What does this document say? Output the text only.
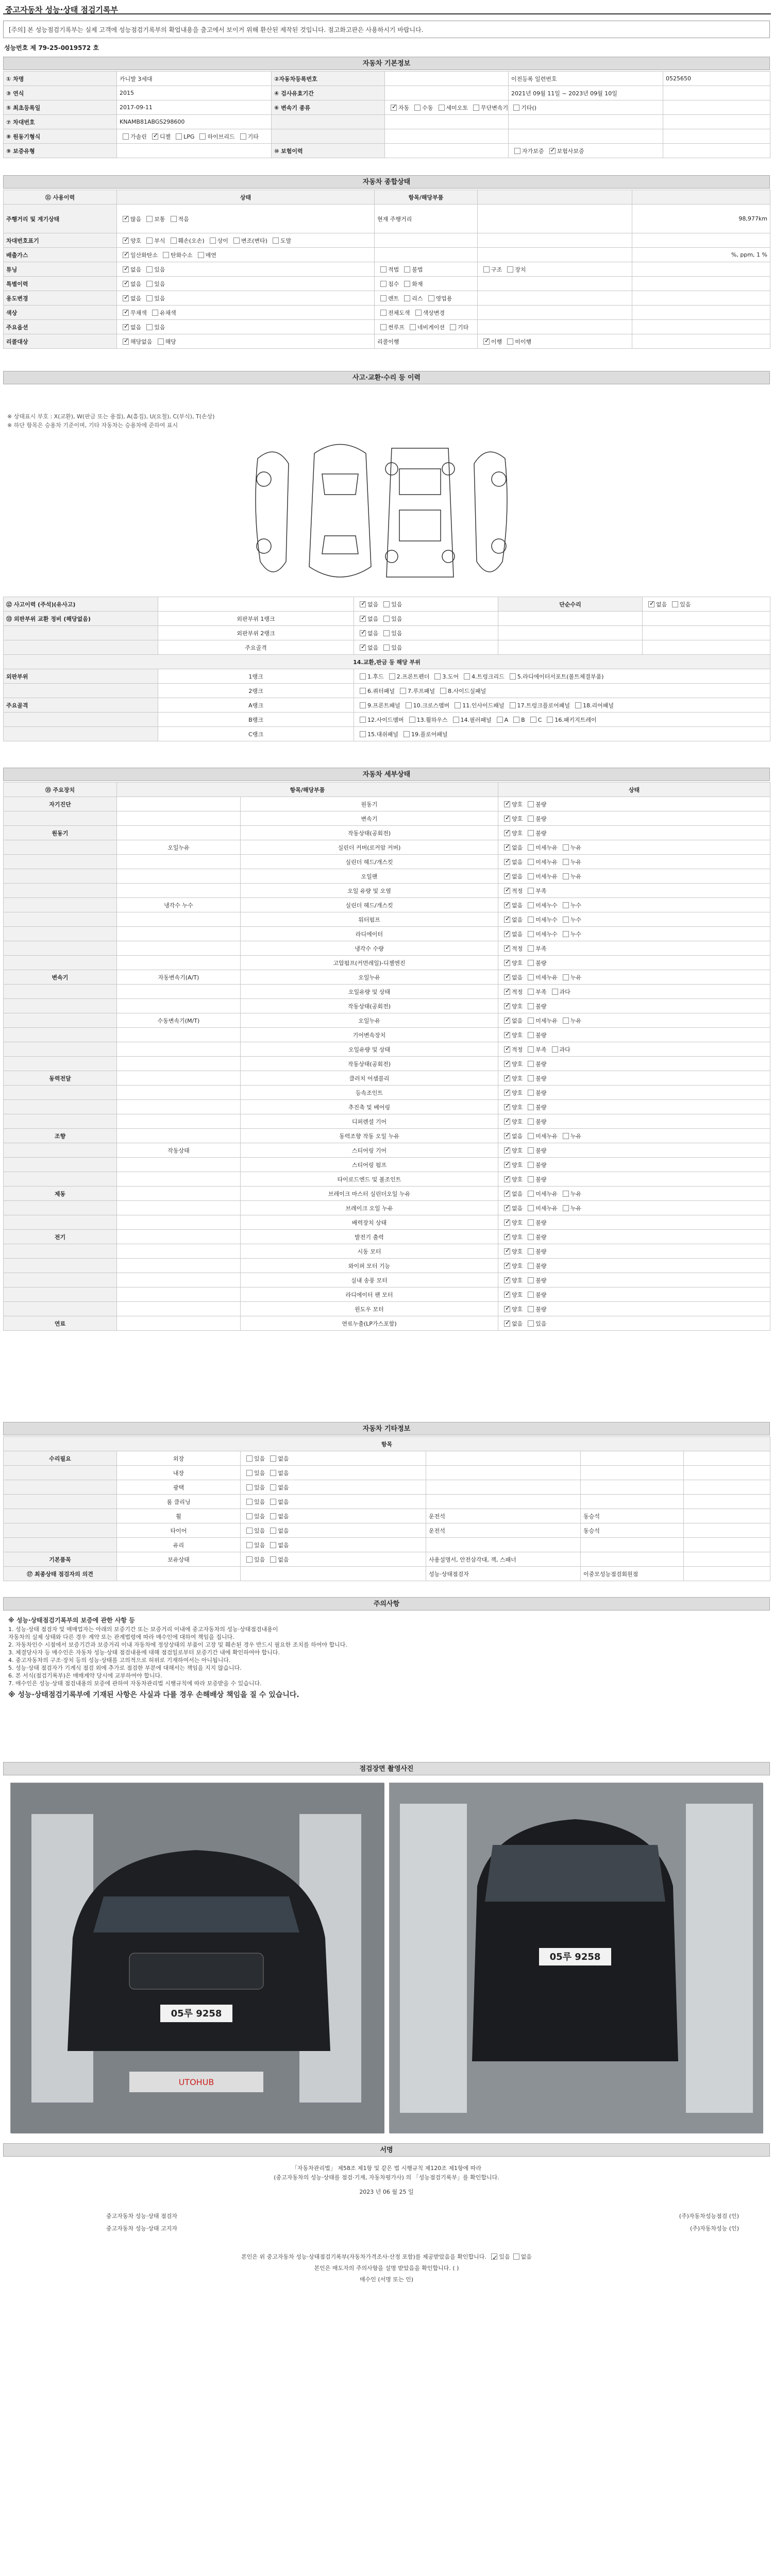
중고자동차 성능·상태 점검기록부
[주의] 본 성능점검기록부는 실제 고객에 성능점검기록부의 확업내용을 출고에서 보이거 위해 환산된 제작된 것입니다. 점고화고판은 사용하시기 바랍니다.
성능번호 제 79-25-0019572 호
자동차 기본정보
① 차명	카니발 3세대	②자동차등록번호		이전등록 일련번호	0525650
③ 연식	2015	④ 검사유효기간		2021년 09월 11일 ~ 2023년 09월 10일	
⑤ 최초등록일	2017-09-11	⑥ 변속기 종류	✓자동 수동 세미오토 무단변속기 기타()		
⑦ 차대번호	KNAMB81ABGS298600				
⑧ 원동기형식	가솔린 ✓ 디젤 LPG 하이브리드 기타				
⑨ 보증유형		⑩ 보험이력		자가보증 ✓ 보험사보증	
자동차 종합상태
⑪ 사용이력	상태	항목/해당부품		
주행거리 및 계기상태	✓많음 보통 적음	현재 주행거리		98,977km
차대번호표기	✓양호 부식 훼손(오손) 상이 변조(변타) 도말			
배출가스	✓일산화탄소 탄화수소 매연			%, ppm, 1 %
튜닝	✓없음 있음	적법 불법	구조 장치	
특별이력	✓없음 있음	침수 화재		
용도변경	✓없음 있음	렌트 리스 영업용		
색상	✓무채색 유채색	전체도색 색상변경		
주요옵션	✓없음 있음	썬루프 네비게이션 기타		
리콜대상	✓해당없음 해당	리콜이행	✓이행 미이행	
사고·교환·수리 등 이력
※ 상태표시 부호 : X(교환), W(판금 또는 용접), A(흠집), U(요철), C(부식), T(손상)
※ 하단 항목은 승용차 기준이며, 기타 자동차는 승용차에 준하여 표시
⑫ 사고이력 (주석)(유사고)		✓없음 있음	단순수리	✓없음 있음
⑬ 외판부위 교환 정비 (해당없음)	외판부위 1랭크	✓없음 있음		
	외판부위 2랭크	✓없음 있음		
	주요골격	✓없음 있음		
14.교환,판금 등 해당 부위				
외판부위	1랭크	1.후드 2.프론트펜더 3.도어 4.트렁크리드 5.라디에이터서포트(볼트체결부품)		
	2랭크	6.쿼터패널 7.루프패널 8.사이드실패널		
주요골격	A랭크	9.프론트패널 10.크로스멤버 11.인사이드패널 17.트렁크플로어패널 18.리어패널		
	B랭크	12.사이드멤버 13.휠하우스 14.필러패널 A B C 16.패키지트레이		
	C랭크	15.대쉬패널 19.플로어패널		
자동차 세부상태
⑮ 주요장치	항목/해당부품		상태
자기진단		원동기	✓양호 불량
		변속기	✓양호 불량
원동기		작동상태(공회전)	✓양호 불량
	오일누유	실린더 커버(로커암 커버)	✓없음 미세누유 누유
		실린더 헤드/개스킷	✓없음 미세누유 누유
		오일팬	✓없음 미세누유 누유
		오일 유량 및 오염	✓적정 부족
	냉각수 누수	실린더 헤드/개스킷	✓없음 미세누수 누수
		워터펌프	✓없음 미세누수 누수
		라디에이터	✓없음 미세누수 누수
		냉각수 수량	✓적정 부족
		고압펌프(커먼레일)-디젤엔진	✓양호 불량
변속기	자동변속기(A/T)	오일누유	✓없음 미세누유 누유
		오일유량 및 상태	✓적정 부족 과다
		작동상태(공회전)	✓양호 불량
	수동변속기(M/T)	오일누유	✓없음 미세누유 누유
		기어변속장치	✓양호 불량
		오일유량 및 상태	✓적정 부족 과다
		작동상태(공회전)	✓양호 불량
동력전달		클러치 어셈블리	✓양호 불량
		등속조인트	✓양호 불량
		추진축 및 베어링	✓양호 불량
		디퍼렌셜 기어	✓양호 불량
조향		동력조향 작동 오일 누유	✓없음 미세누유 누유
	작동상태	스티어링 기어	✓양호 불량
		스티어링 펌프	✓양호 불량
		타이로드엔드 및 볼조인트	✓양호 불량
제동		브레이크 마스터 실린더오일 누유	✓없음 미세누유 누유
		브레이크 오일 누유	✓없음 미세누유 누유
		배력장치 상태	✓양호 불량
전기		발전기 출력	✓양호 불량
		시동 모터	✓양호 불량
		와이퍼 모터 기능	✓양호 불량
		실내 송풍 모터	✓양호 불량
		라디에이터 팬 모터	✓양호 불량
		윈도우 모터	✓양호 불량
연료		연료누출(LP가스포함)	✓없음 있음
자동차 기타정보
항목					
수리필요	외장	있음 없음			
	내장	있음 없음			
	광택	있음 없음			
	룸 클리닝	있음 없음			
	휠	있음 없음	운전석	동승석	
	타이어	있음 없음	운전석	동승석	
	유리	있음 없음			
기본품목	보유상태	있음 없음	사용설명서, 안전삼각대, 잭, 스패너		
⑰ 최종상태 점검자의 의견			성능·상태점검자	이중모성능점검회원점	
주의사항
※ 성능·상태점검기록부의 보증에 관한 사항 등
1. 성능·상태 점검자 및 매매업자는 아래의 보증기간 또는 보증거리 이내에 중고자동차의 성능·상태점검내용이
자동차의 실제 상태와 다른 경우 계약 또는 관계법령에 따라 매수인에 대하여 책임을 집니다.
2. 자동차인수 시점에서 보증기간과 보증거리 이내 자동차에 정상상태의 부품이 고장 및 훼손된 경우 반드시 필요한 조치를 하여야 합니다.
3. 체결당사자 등 매수인은 자동차 성능·상태 점검내용에 대해 점검일로부터 보증기간 내에 확인하여야 합니다.
4. 중고자동차의 구조·장치 등의 성능·상태를 고의적으로 허위로 기재하여서는 아니됩니다.
5. 성능·상태 점검자가 기계식 점검 외에 추가로 점검한 부분에 대해서는 책임을 지지 않습니다.
6. 본 서식(점검기록부)은 매매계약 당시에 교부하여야 합니다.
7. 매수인은 성능·상태 점검내용의 보증에 관하여 자동차관리법 시행규칙에 따라 보증받을 수 있습니다.
※ 성능·상태점검기록부에 기재된 사항은 사실과 다를 경우 손해배상 책임을 질 수 있습니다.
점검장면 촬영사진
05루 9258
UTOHUB
05루 9258
서명
「자동차관리법」 제58조 제1항 및 같은 법 시행규칙 제120조 제1항에 따라
(중고자동차의 성능·상태를 점검·기재, 자동차평가사) 의 「성능점검기록부」를 확인합니다.
2023 년 06 월 25 일
중고자동차 성능·상태 점검자	(주)자동차성능점검 (인)
중고자동차 성능·상태 고지자	(주)자동차성능 (인)
본인은 위 중고자동차 성능·상태점검기록부(자동차가격조사·산정 포함)를 제공받았음을 확인합니다. ✓ 있음 없음
본인은 매도자의 주의사항을 설명 받았음을 확인합니다. ( )
매수인 (서명 또는 인)
